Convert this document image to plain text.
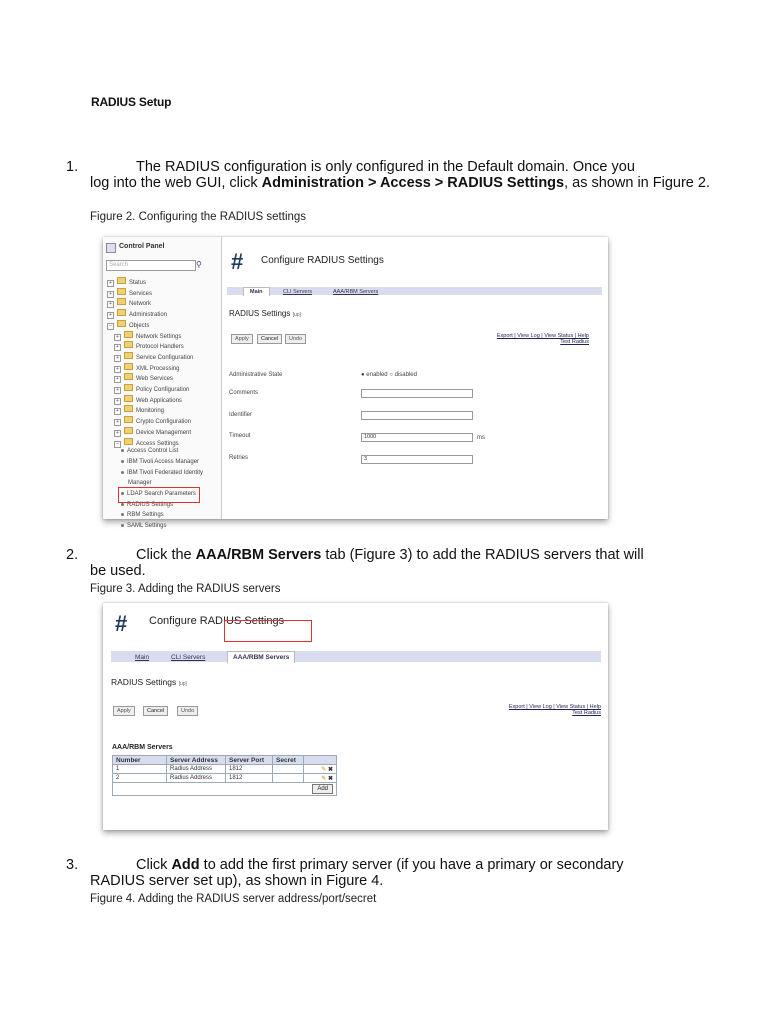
RADIUS Setup
1.	The RADIUS configuration is only configured in the Default domain. Once you
log into the web GUI, click Administration > Access > RADIUS Settings, as shown in Figure 2.
Figure 2. Configuring the RADIUS settings
Control Panel
Search	⚲
+	Status
+	Services
+	Network
+	Administration
−	Objects
+	Network Settings
+	Protocol Handlers
+	Service Configuration
+	XML Processing
+	Web Services
+	Policy Configuration
+	Web Applications
+	Monitoring
+	Crypto Configuration
+	Device Management
−	Access Settings
Access Control List
IBM Tivoli Access Manager
IBM Tivoli Federated Identity
Manager
LDAP Search Parameters
RADIUS Settings
RBM Settings
SAML Settings
# Configure RADIUS Settings
Main	CLI Servers	AAA/RBM Servers
RADIUS Settings [up]
Apply	Cancel	Undo	Export | View Log | View Status | Help
Test Radius
Administrative State	● enabled ○ disabled
Comments
Identifier
Timeout	1000	ms
Retries	3
2.	Click the AAA/RBM Servers tab (Figure 3) to add the RADIUS servers that will
be used.
Figure 3. Adding the RADIUS servers
# Configure RADIUS Settings
Main	CLI Servers	AAA/RBM Servers
RADIUS Settings [up]
Apply	Cancel	Undo
Export | View Log | View Status | Help
Test Radius
AAA/RBM Servers
Number	Server Address	Server Port	Secret	
1	Radius Address	1812		✎ ✖
2	Radius Address	1812		✎ ✖

Add				
3.	Click Add to add the first primary server (if you have a primary or secondary
RADIUS server set up), as shown in Figure 4.
Figure 4. Adding the RADIUS server address/port/secret
